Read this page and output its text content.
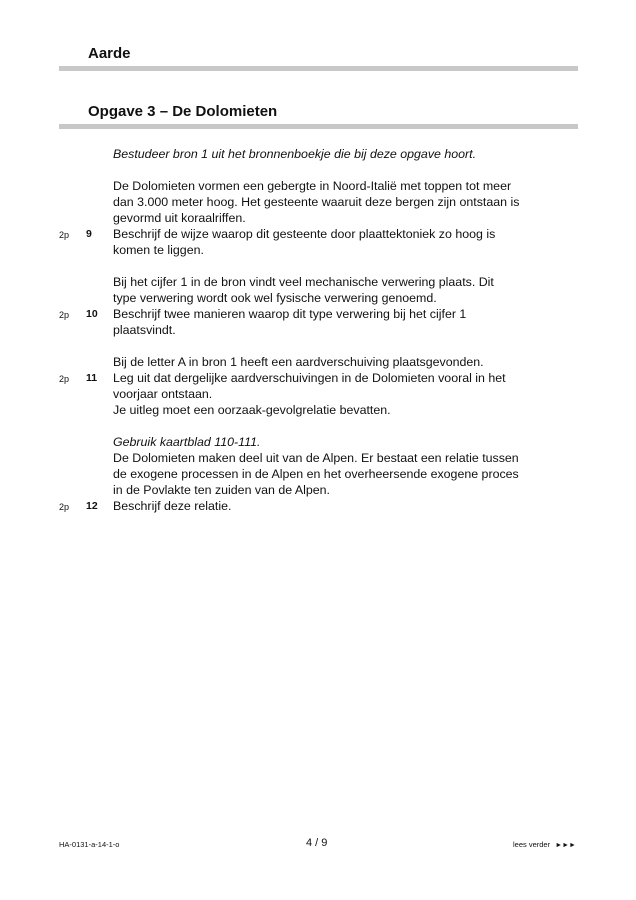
Aarde
Opgave 3 – De Dolomieten
Bestudeer bron 1 uit het bronnenboekje die bij deze opgave hoort.
De Dolomieten vormen een gebergte in Noord-Italië met toppen tot meer
dan 3.000 meter hoog. Het gesteente waaruit deze bergen zijn ontstaan is
gevormd uit koraalriffen.
2p 9 Beschrijf de wijze waarop dit gesteente door plaattektoniek zo hoog is
komen te liggen.
Bij het cijfer 1 in de bron vindt veel mechanische verwering plaats. Dit
type verwering wordt ook wel fysische verwering genoemd.
2p 10 Beschrijf twee manieren waarop dit type verwering bij het cijfer 1
plaatsvindt.
Bij de letter A in bron 1 heeft een aardverschuiving plaatsgevonden.
2p 11 Leg uit dat dergelijke aardverschuivingen in de Dolomieten vooral in het
voorjaar ontstaan.
Je uitleg moet een oorzaak-gevolgrelatie bevatten.
Gebruik kaartblad 110-111.
De Dolomieten maken deel uit van de Alpen. Er bestaat een relatie tussen
de exogene processen in de Alpen en het overheersende exogene proces
in de Povlakte ten zuiden van de Alpen.
2p 12 Beschrijf deze relatie.
HA-0131-a-14-1-o	4 / 9	lees verder ►►►
